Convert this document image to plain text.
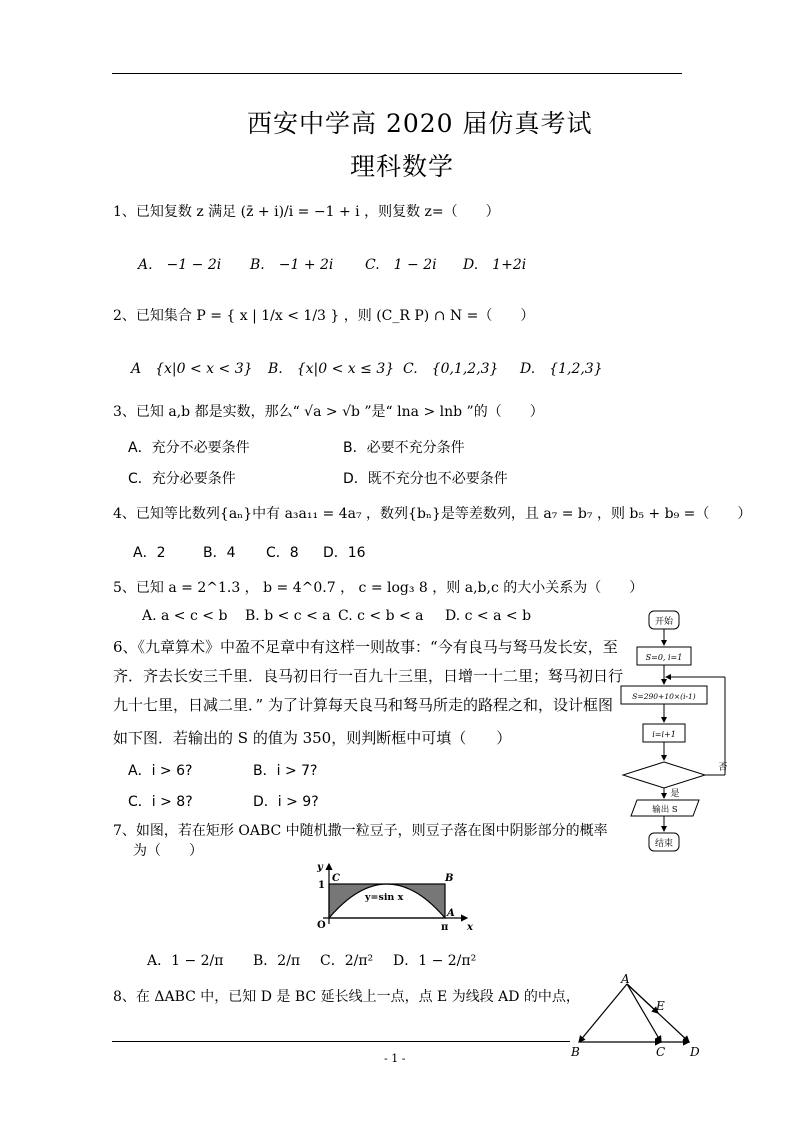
西安中学高 2020 届仿真考试
理科数学
1、已知复数 z 满足 (z̄ + i)/i = −1 + i ，则复数 z=（　　）
A.　−1 − 2i B.　−1 + 2i C.　1 − 2i D.　1+2i
2、已知集合 P = { x | 1/x < 1/3 } ，则 (C_R P) ∩ N =（　　）
A　{x|0 < x < 3} B.　{x|0 < x ≤ 3} C.　{0,1,2,3} D.　{1,2,3}
3、已知 a,b 都是实数，那么“ √a > √b ”是“ lna > lnb ”的（　　）
A．充分不必要条件	B．必要不充分条件
C．充分必要条件	D．既不充分也不必要条件
4、已知等比数列{aₙ}中有 a₃a₁₁ = 4a₇ ，数列{bₙ}是等差数列，且 a₇ = b₇ ，则 b₅ + b₉ =（　　）
A．2	B．4 C．8 D．16
5、已知 a = 2^1.3 ， b = 4^0.7 ， c = log₃ 8 ，则 a,b,c 的大小关系为（　　）
A. a < c < b B. b < c < a C. c < b < a D. c < a < b
6、《九章算术》中盈不足章中有这样一则故事：“今有良马与驽马发长安，至
齐．齐去长安三千里．良马初日行一百九十三里，日增一十二里；驽马初日行
九十七里，日减二里．” 为了计算每天良马和驽马所走的路程之和，设计框图
如下图．若输出的 S 的值为 350，则判断框中可填（　　）
A．i > 6?	B．i > 7?
C．i > 8?	D．i > 9?
开始
S=0, i=1
S=290+10×(i-1)
i=i+1
是
否
输出 S
结束
7、如图，若在矩形 OABC 中随机撒一粒豆子，则豆子落在图中阴影部分的概率
为（　　）
y
x
1
O	π
A
B
C
y=sin x
A．1 − 2/π B．2/π C．2/π² D．1 − 2/π²
8、在 ΔABC 中，已知 D 是 BC 延长线上一点，点 E 为线段 AD 的中点，
A
B	C D
E
- 1 -
